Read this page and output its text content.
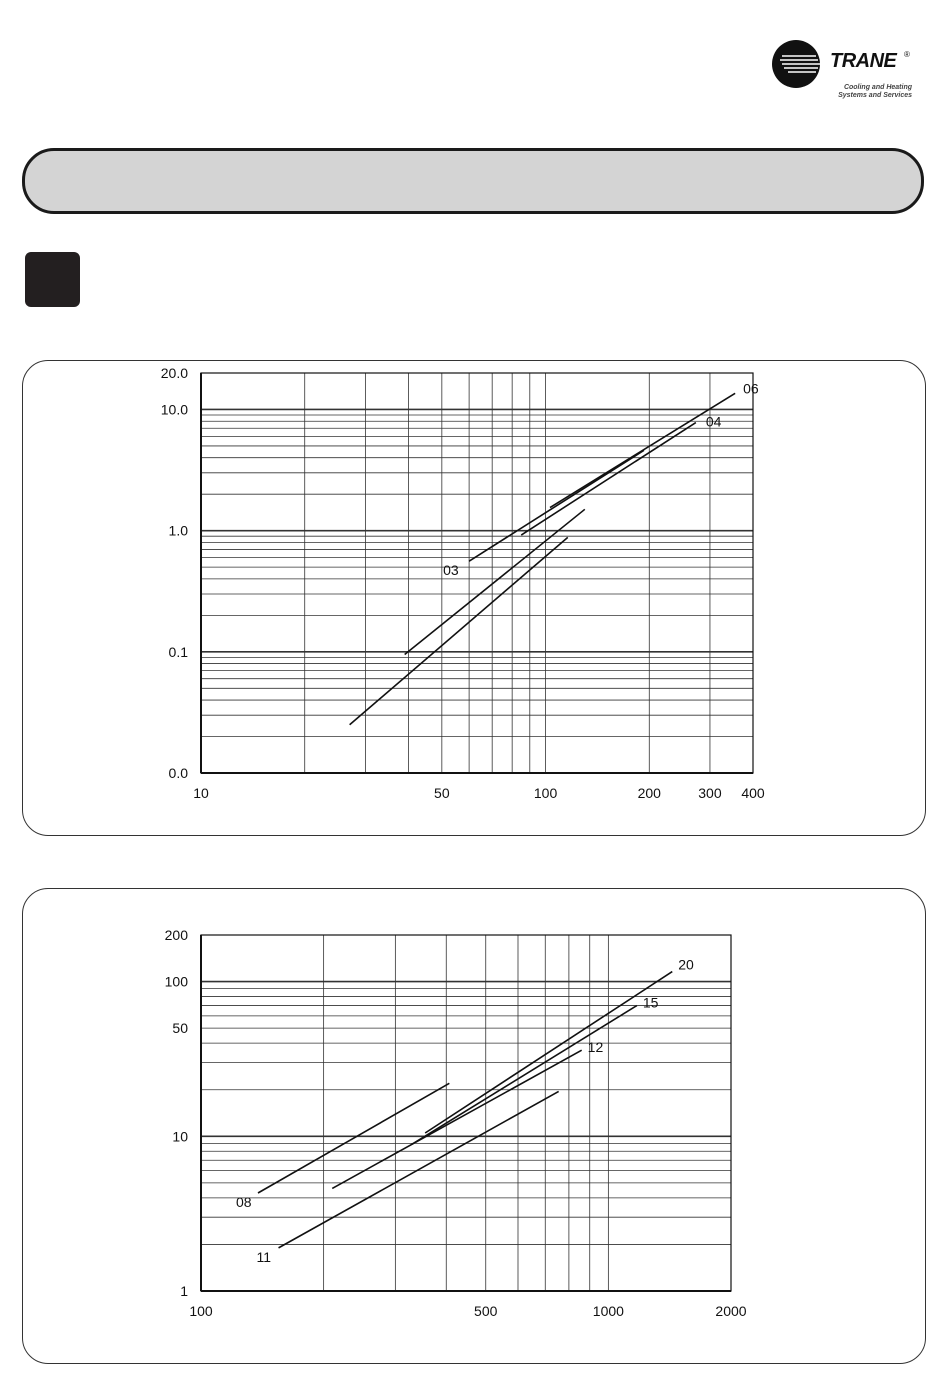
TRANE ®
Cooling and Heating
Systems and Services
10	50	100	200	300 400
0.0
0.1
1.0
10.0
20.0
06
04
03
100	500	1000	2000
1
10
50
100
200
20
15
12
08
11
